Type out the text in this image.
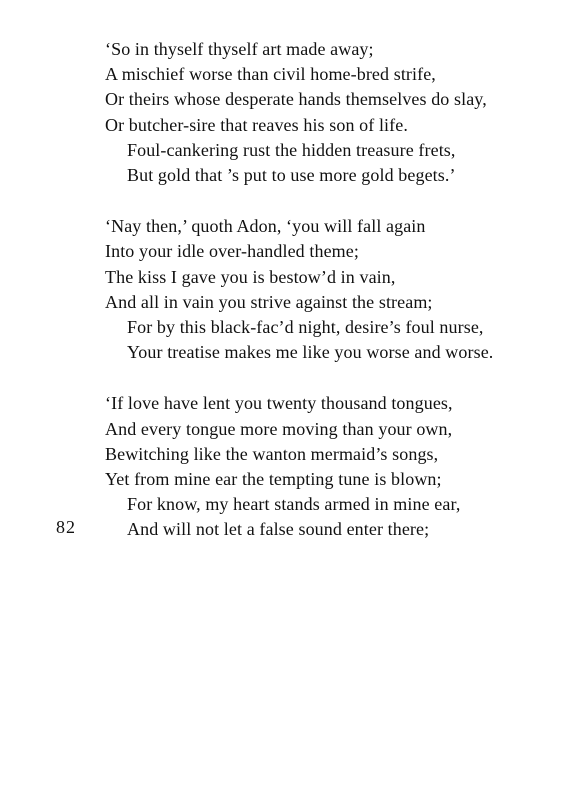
‘So in thyself thyself art made away;
A mischief worse than civil home-bred strife,
Or theirs whose desperate hands themselves do slay,
Or butcher-sire that reaves his son of life.
Foul-cankering rust the hidden treasure frets,
But gold that ’s put to use more gold begets.’
‘Nay then,’ quoth Adon, ‘you will fall again
Into your idle over-handled theme;
The kiss I gave you is bestow’d in vain,
And all in vain you strive against the stream;
For by this black-fac’d night, desire’s foul nurse,
Your treatise makes me like you worse and worse.
‘If love have lent you twenty thousand tongues,
And every tongue more moving than your own,
Bewitching like the wanton mermaid’s songs,
Yet from mine ear the tempting tune is blown;
For know, my heart stands armed in mine ear,
And will not let a false sound enter there;
82
